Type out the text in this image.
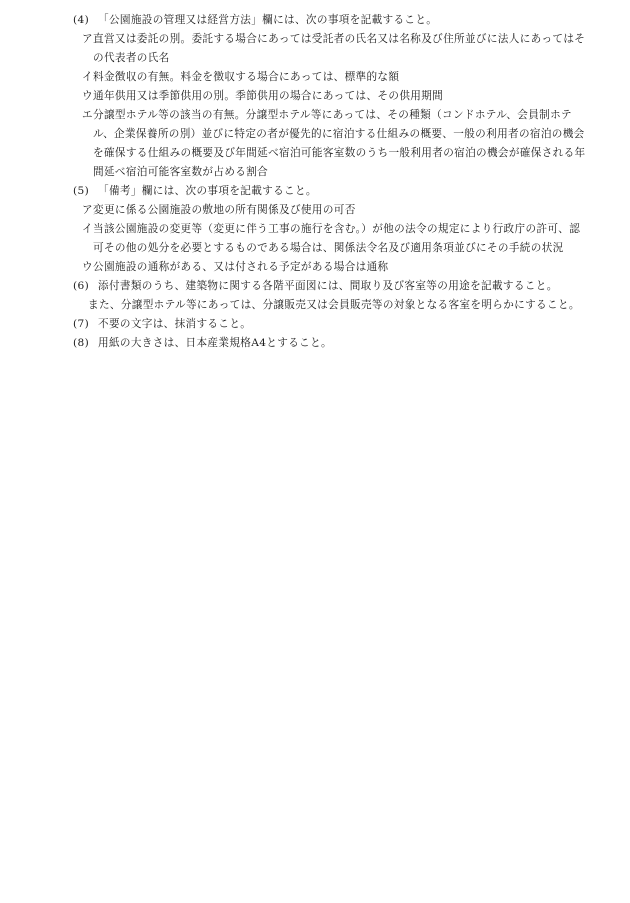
(4) 「公園施設の管理又は経営方法」欄には、次の事項を記載すること。
ア 直営又は委託の別。委託する場合にあっては受託者の氏名又は名称及び住所並びに法人にあってはその代表者の氏名
イ 料金徴収の有無。料金を徴収する場合にあっては、標準的な額
ウ 通年供用又は季節供用の別。季節供用の場合にあっては、その供用期間
エ 分譲型ホテル等の該当の有無。分譲型ホテル等にあっては、その種類（コンドホテル、会員制ホテル、企業保養所の別）並びに特定の者が優先的に宿泊する仕組みの概要、一般の利用者の宿泊の機会を確保する仕組みの概要及び年間延べ宿泊可能客室数のうち一般利用者の宿泊の機会が確保される年間延べ宿泊可能客室数が占める割合
(5) 「備考」欄には、次の事項を記載すること。
ア 変更に係る公園施設の敷地の所有関係及び使用の可否
イ 当該公園施設の変更等（変更に伴う工事の施行を含む。）が他の法令の規定により行政庁の許可、認可その他の処分を必要とするものである場合は、関係法令名及び適用条項並びにその手続の状況
ウ 公園施設の通称がある、又は付される予定がある場合は通称
(6) 添付書類のうち、建築物に関する各階平面図には、間取り及び客室等の用途を記載すること。
また、分譲型ホテル等にあっては、分譲販売又は会員販売等の対象となる客室を明らかにすること。
(7) 不要の文字は、抹消すること。
(8) 用紙の大きさは、日本産業規格A4とすること。
